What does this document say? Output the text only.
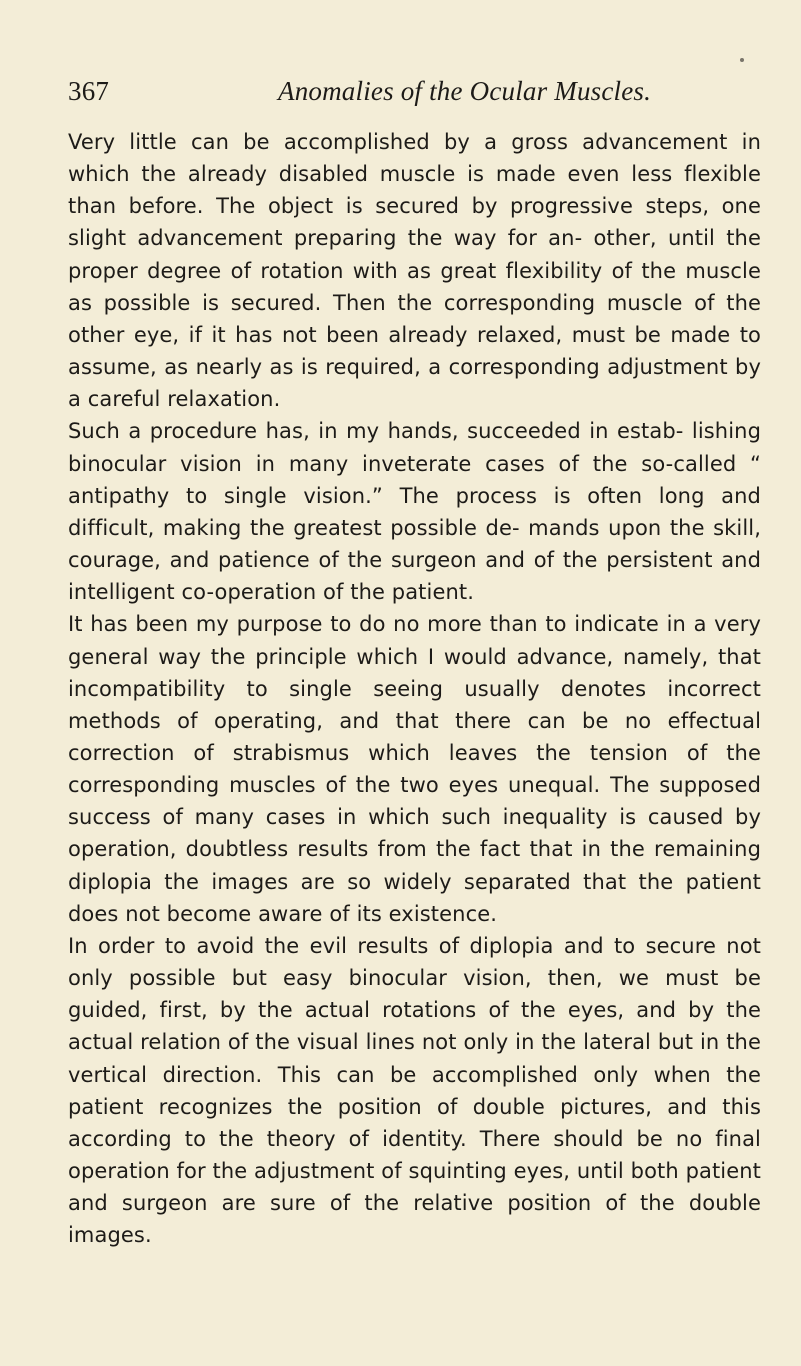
367	Anomalies of the Ocular Muscles.

Very little can be accomplished by a gross advancement in which the already disabled muscle is made even less flexible than before. The object is secured by progressive steps, one slight advancement preparing the way for an- other, until the proper degree of rotation with as great flexibility of the muscle as possible is secured. Then the corresponding muscle of the other eye, if it has not been already relaxed, must be made to assume, as nearly as is required, a corresponding adjustment by a careful relaxation.

Such a procedure has, in my hands, succeeded in estab- lishing binocular vision in many inveterate cases of the so-called “ antipathy to single vision.” The process is often long and difficult, making the greatest possible de- mands upon the skill, courage, and patience of the surgeon and of the persistent and intelligent co-operation of the patient.

It has been my purpose to do no more than to indicate in a very general way the principle which I would advance, namely, that incompatibility to single seeing usually denotes incorrect methods of operating, and that there can be no effectual correction of strabismus which leaves the tension of the corresponding muscles of the two eyes unequal. The supposed success of many cases in which such inequality is caused by operation, doubtless results from the fact that in the remaining diplopia the images are so widely separated that the patient does not become aware of its existence.

In order to avoid the evil results of diplopia and to secure not only possible but easy binocular vision, then, we must be guided, first, by the actual rotations of the eyes, and by the actual relation of the visual lines not only in the lateral but in the vertical direction. This can be accomplished only when the patient recognizes the position of double pictures, and this according to the theory of identity. There should be no final operation for the adjustment of squinting eyes, until both patient and surgeon are sure of the relative position of the double images.
